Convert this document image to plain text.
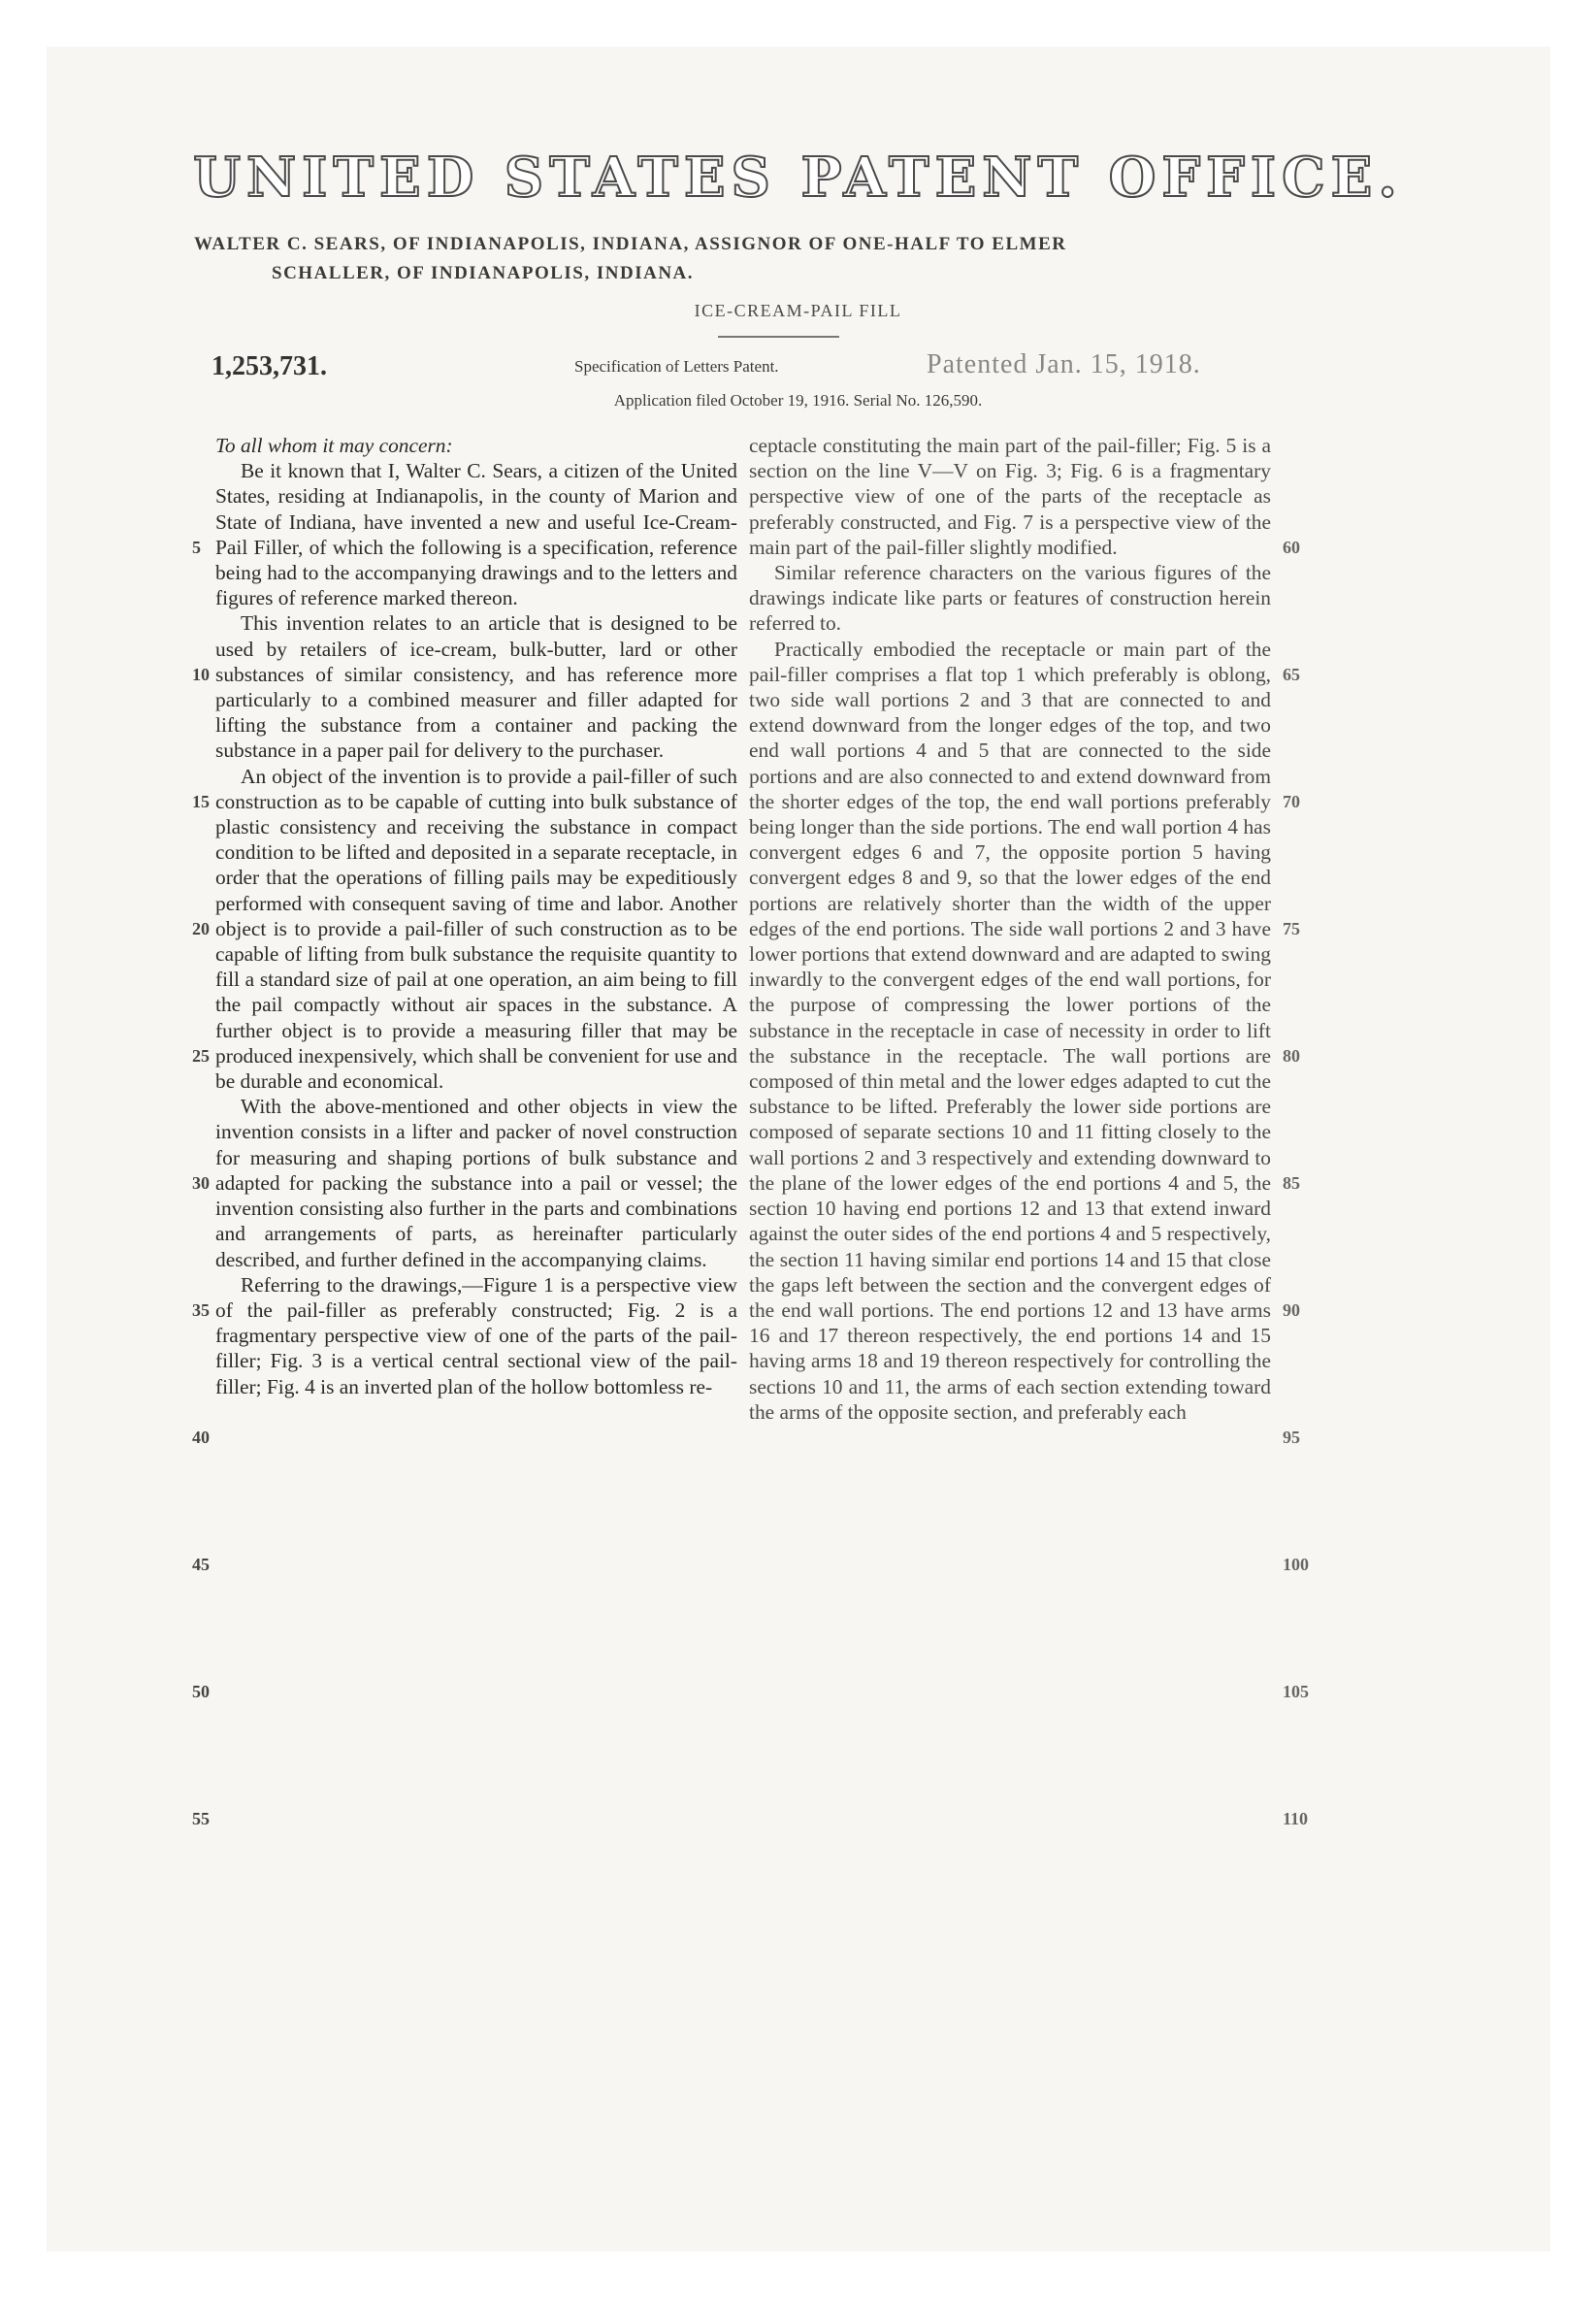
UNITED STATES PATENT OFFICE.
WALTER C. SEARS, OF INDIANAPOLIS, INDIANA, ASSIGNOR OF ONE-HALF TO ELMER
SCHALLER, OF INDIANAPOLIS, INDIANA.
ICE-CREAM-PAIL FILL
1,253,731.	Specification of Letters Patent.	Patented Jan. 15, 1918.
Application filed October 19, 1916. Serial No. 126,590.

To all whom it may concern:

Be it known that I, Walter C. Sears, a citizen of the United States, residing at Indianapolis, in the county of Marion and State of Indiana, have invented a new and useful Ice-Cream-Pail Filler, of which the following is a specification, reference being had to the accompanying drawings and to the letters and figures of reference marked thereon.

This invention relates to an article that is designed to be used by retailers of ice-cream, bulk-butter, lard or other substances of similar consistency, and has reference more particularly to a combined measurer and filler adapted for lifting the substance from a container and packing the substance in a paper pail for delivery to the purchaser.

An object of the invention is to provide a pail-filler of such construction as to be capable of cutting into bulk substance of plastic consistency and receiving the substance in compact condition to be lifted and deposited in a separate receptacle, in order that the operations of filling pails may be expeditiously performed with consequent saving of time and labor. Another object is to provide a pail-filler of such construction as to be capable of lifting from bulk substance the requisite quantity to fill a standard size of pail at one operation, an aim being to fill the pail compactly without air spaces in the substance. A further object is to provide a measuring filler that may be produced inexpensively, which shall be convenient for use and be durable and economical.

With the above-mentioned and other objects in view the invention consists in a lifter and packer of novel construction for measuring and shaping portions of bulk substance and adapted for packing the substance into a pail or vessel; the invention consisting also further in the parts and combinations and arrangements of parts, as hereinafter particularly described, and further defined in the accompanying claims.

Referring to the drawings,—Figure 1 is a perspective view of the pail-filler as preferably constructed; Fig. 2 is a fragmentary perspective view of one of the parts of the pail-filler; Fig. 3 is a vertical central sectional view of the pail-filler; Fig. 4 is an inverted plan of the hollow bottomless re-

ceptacle constituting the main part of the pail-filler; Fig. 5 is a section on the line V—V on Fig. 3; Fig. 6 is a fragmentary perspective view of one of the parts of the receptacle as preferably constructed, and Fig. 7 is a perspective view of the main part of the pail-filler slightly modified.

Similar reference characters on the various figures of the drawings indicate like parts or features of construction herein referred to.

Practically embodied the receptacle or main part of the pail-filler comprises a flat top 1 which preferably is oblong, two side wall portions 2 and 3 that are connected to and extend downward from the longer edges of the top, and two end wall portions 4 and 5 that are connected to the side portions and are also connected to and extend downward from the shorter edges of the top, the end wall portions preferably being longer than the side portions. The end wall portion 4 has convergent edges 6 and 7, the opposite portion 5 having convergent edges 8 and 9, so that the lower edges of the end portions are relatively shorter than the width of the upper edges of the end portions. The side wall portions 2 and 3 have lower portions that extend downward and are adapted to swing inwardly to the convergent edges of the end wall portions, for the purpose of compressing the lower portions of the substance in the receptacle in case of necessity in order to lift the substance in the receptacle. The wall portions are composed of thin metal and the lower edges adapted to cut the substance to be lifted. Preferably the lower side portions are composed of separate sections 10 and 11 fitting closely to the wall portions 2 and 3 respectively and extending downward to the plane of the lower edges of the end portions 4 and 5, the section 10 having end portions 12 and 13 that extend inward against the outer sides of the end portions 4 and 5 respectively, the section 11 having similar end portions 14 and 15 that close the gaps left between the section and the convergent edges of the end wall portions. The end portions 12 and 13 have arms 16 and 17 thereon respectively, the end portions 14 and 15 having arms 18 and 19 thereon respectively for controlling the sections 10 and 11, the arms of each section extending toward the arms of the opposite section, and preferably each

5
10
15
20
25
30
35
40
45
50
55
60
65
70
75
80
85
90
95
100
105
110
